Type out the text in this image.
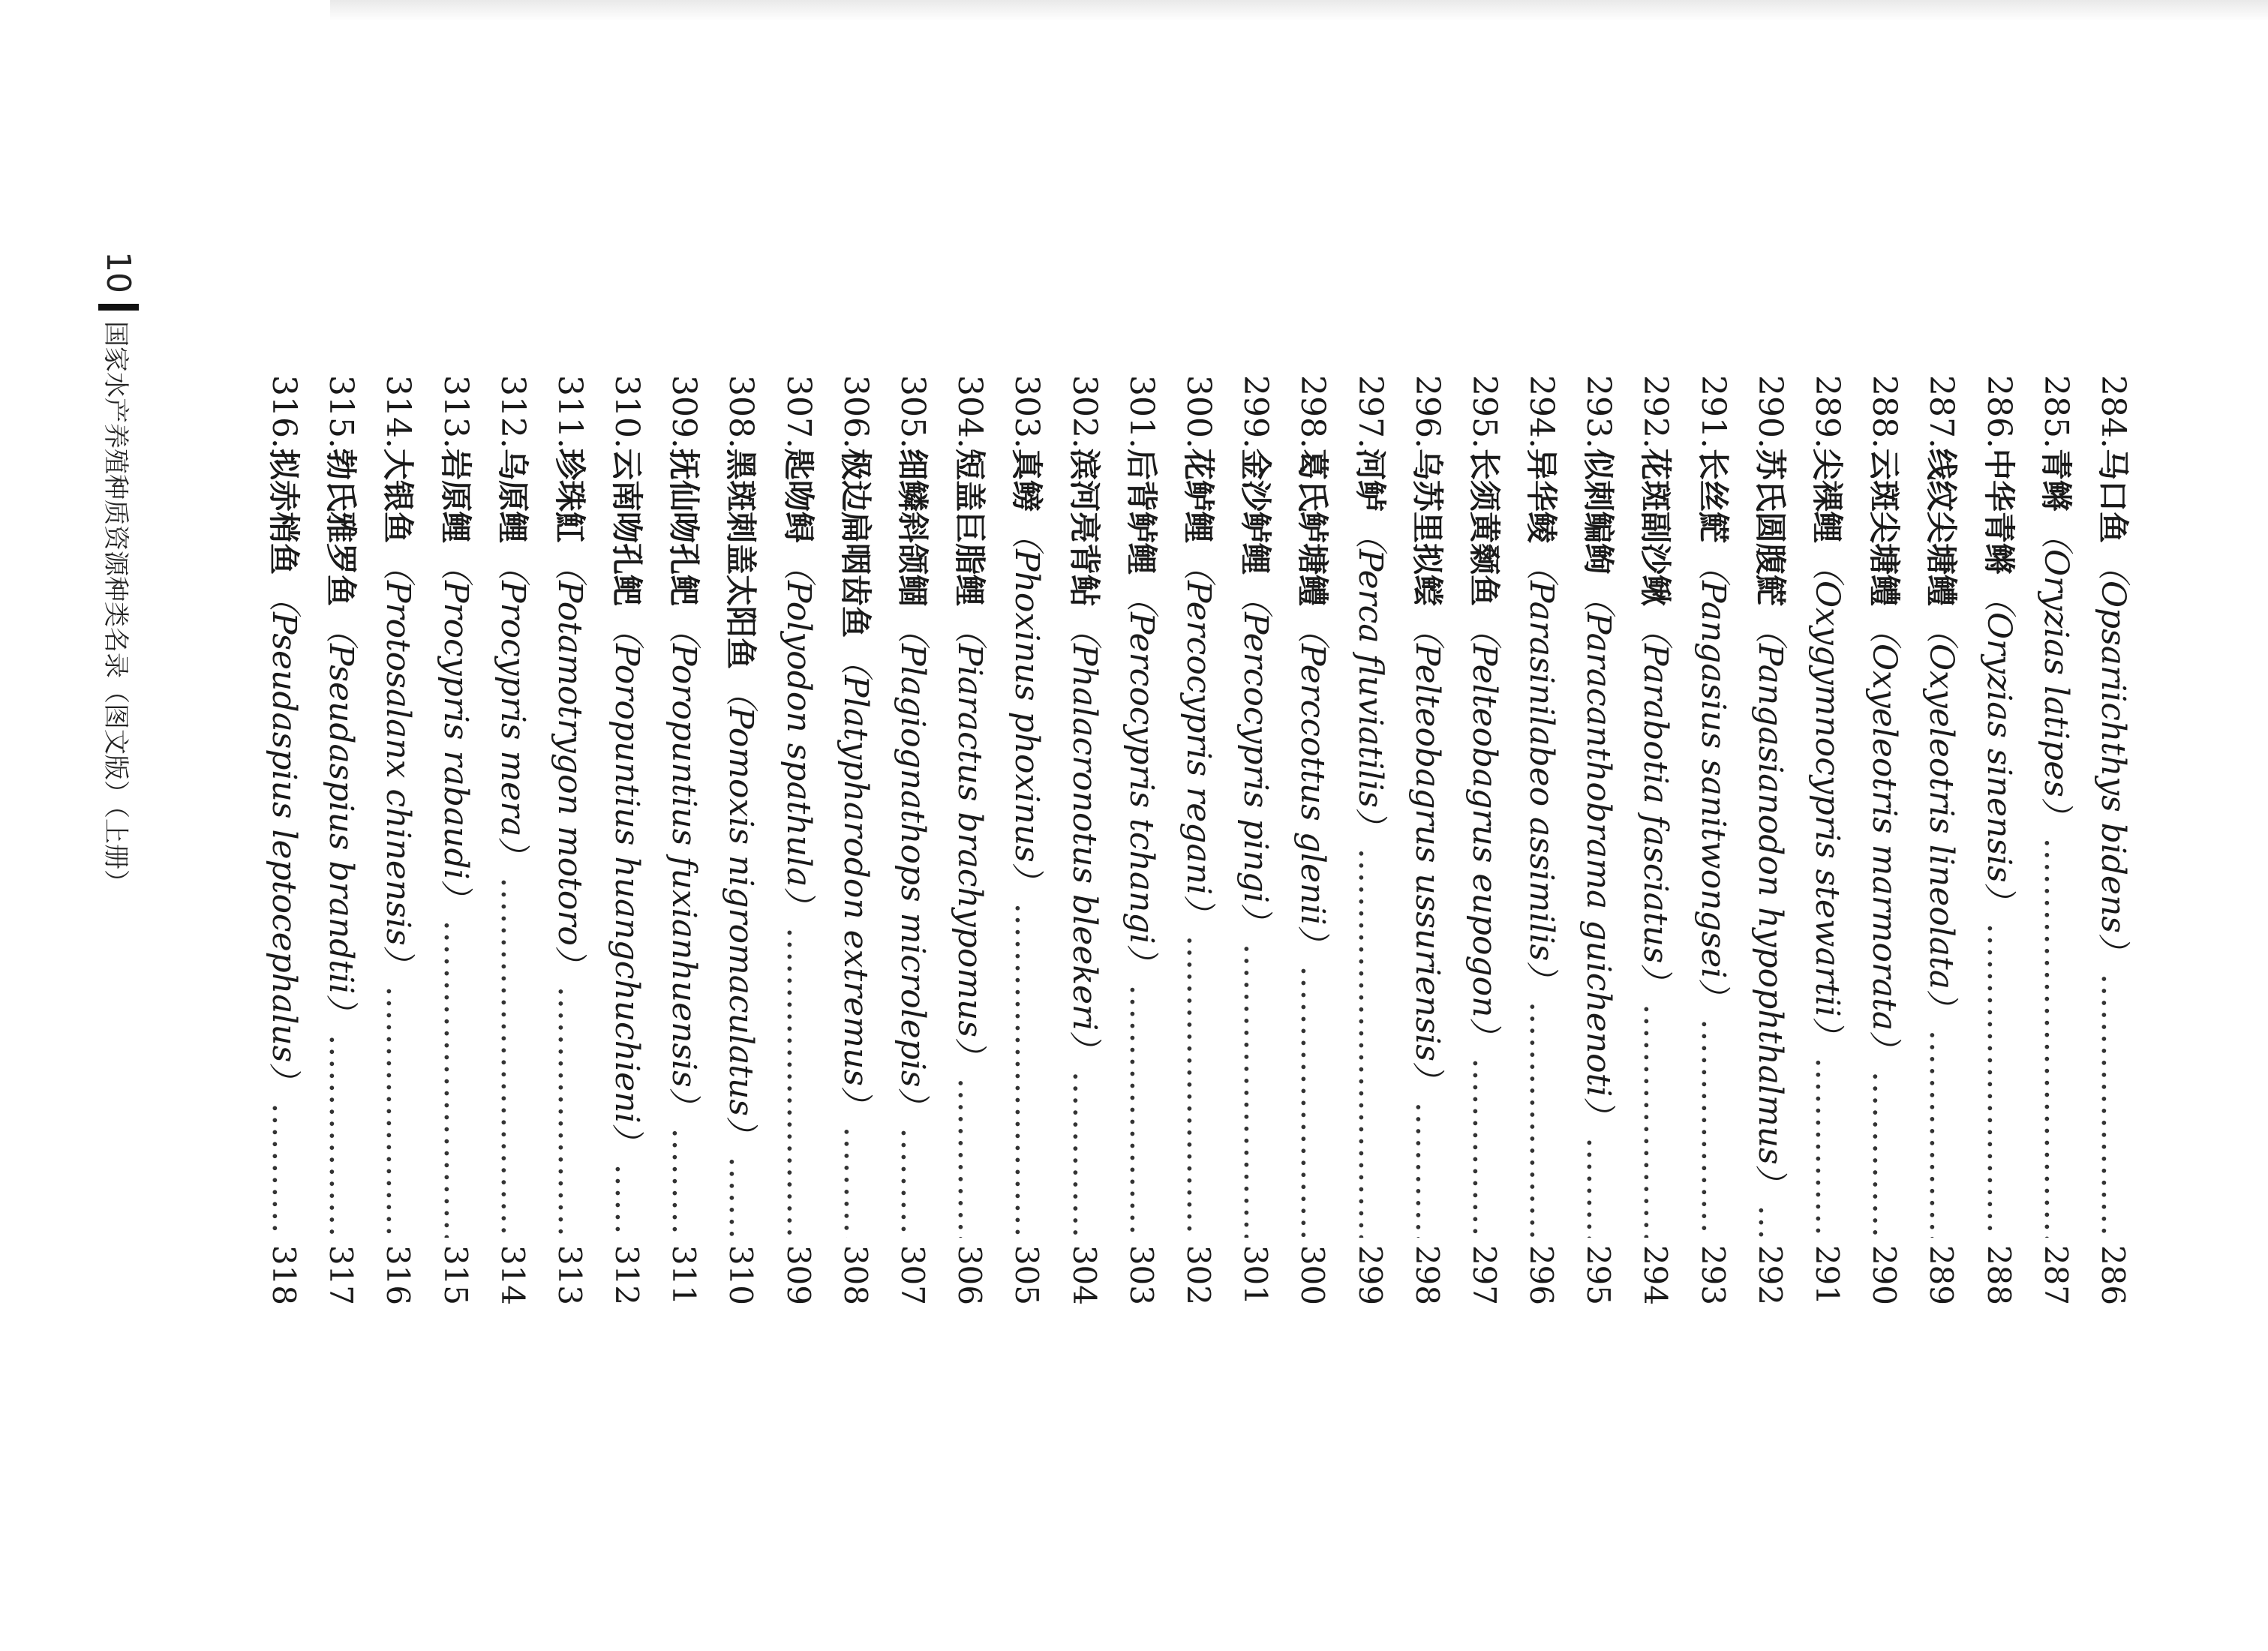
10
国家水产养殖种质资源种类名录（图文版）（上册）	284.
马口鱼
（Opsariichthys bidens）
.....
286
285.
青鳉
（Oryzias latipes）
.....
287
286.
中华青鳉
（Oryzias sinensis）
.....
288
287.
线纹尖塘鳢
（Oxyeleotris lineolata）
.....
289
288.
云斑尖塘鳢
（Oxyeleotris marmorata）
.....
290
289.
尖裸鲤
（Oxygymnocypris stewartii）
.....
291
290.
苏氏圆腹𩷶
（Pangasianodon hypophthalmus）
.....
292
291.
长丝𩷶
（Pangasius sanitwongsei）
.....
293
292.
花斑副沙鳅
（Parabotia fasciatus）
.....
294
293.
似刺鳊𬶋
（Paracanthobrama guichenoti）
.....
295
294.
异华鲮
（Parasinilabeo assimilis）
.....
296
295.
长须黄颡鱼
（Pelteobagrus eupogon）
.....
297
296.
乌苏里拟鲿
（Pelteobagrus ussuriensis）
.....
298
297.
河鲈
（Perca fluviatilis）
.....
299
298.
葛氏鲈塘鳢
（Perccottus glenii）
.....
300
299.
金沙鲈鲤
（Percocypris pingi）
.....
301
300.
花鲈鲤
（Percocypris regani）
.....
302
301.
后背鲈鲤
（Percocypris tchangi）
.....
303
302.
滨河亮背鲇
（Phalacronotus bleekeri）
.....
304
303.
真鳑
（Phoxinus phoxinus）
.....
305
304.
短盖巨脂鲤
（Piaractus brachypomus）
.....
306
305.
细鳞斜颌鲴
（Plagiognathops microlepis）
.....
307
306.
极边扁咽齿鱼
（Platypharodon extremus）
.....
308
307.
匙吻鲟
（Polyodon spathula）
.....
309
308.
黑斑刺盖太阳鱼
（Pomoxis nigromaculatus）
.....
310
309.
抚仙吻孔鲃
（Poropuntius fuxianhuensis）
.....
311
310.
云南吻孔鲃
（Poropuntius huangchuchieni）
.....
312
311.
珍珠魟
（Potamotrygon motoro）
.....
313
312.
乌原鲤
（Procypris mera）
.....
314
313.
岩原鲤
（Procypris rabaudi）
.....
315
314.
大银鱼
（Protosalanx chinensis）
.....
316
315.
勃氏雅罗鱼
（Pseudaspius brandtii）
.....
317
316.
拟赤梢鱼
（Pseudaspius leptocephalus）
.....
318
